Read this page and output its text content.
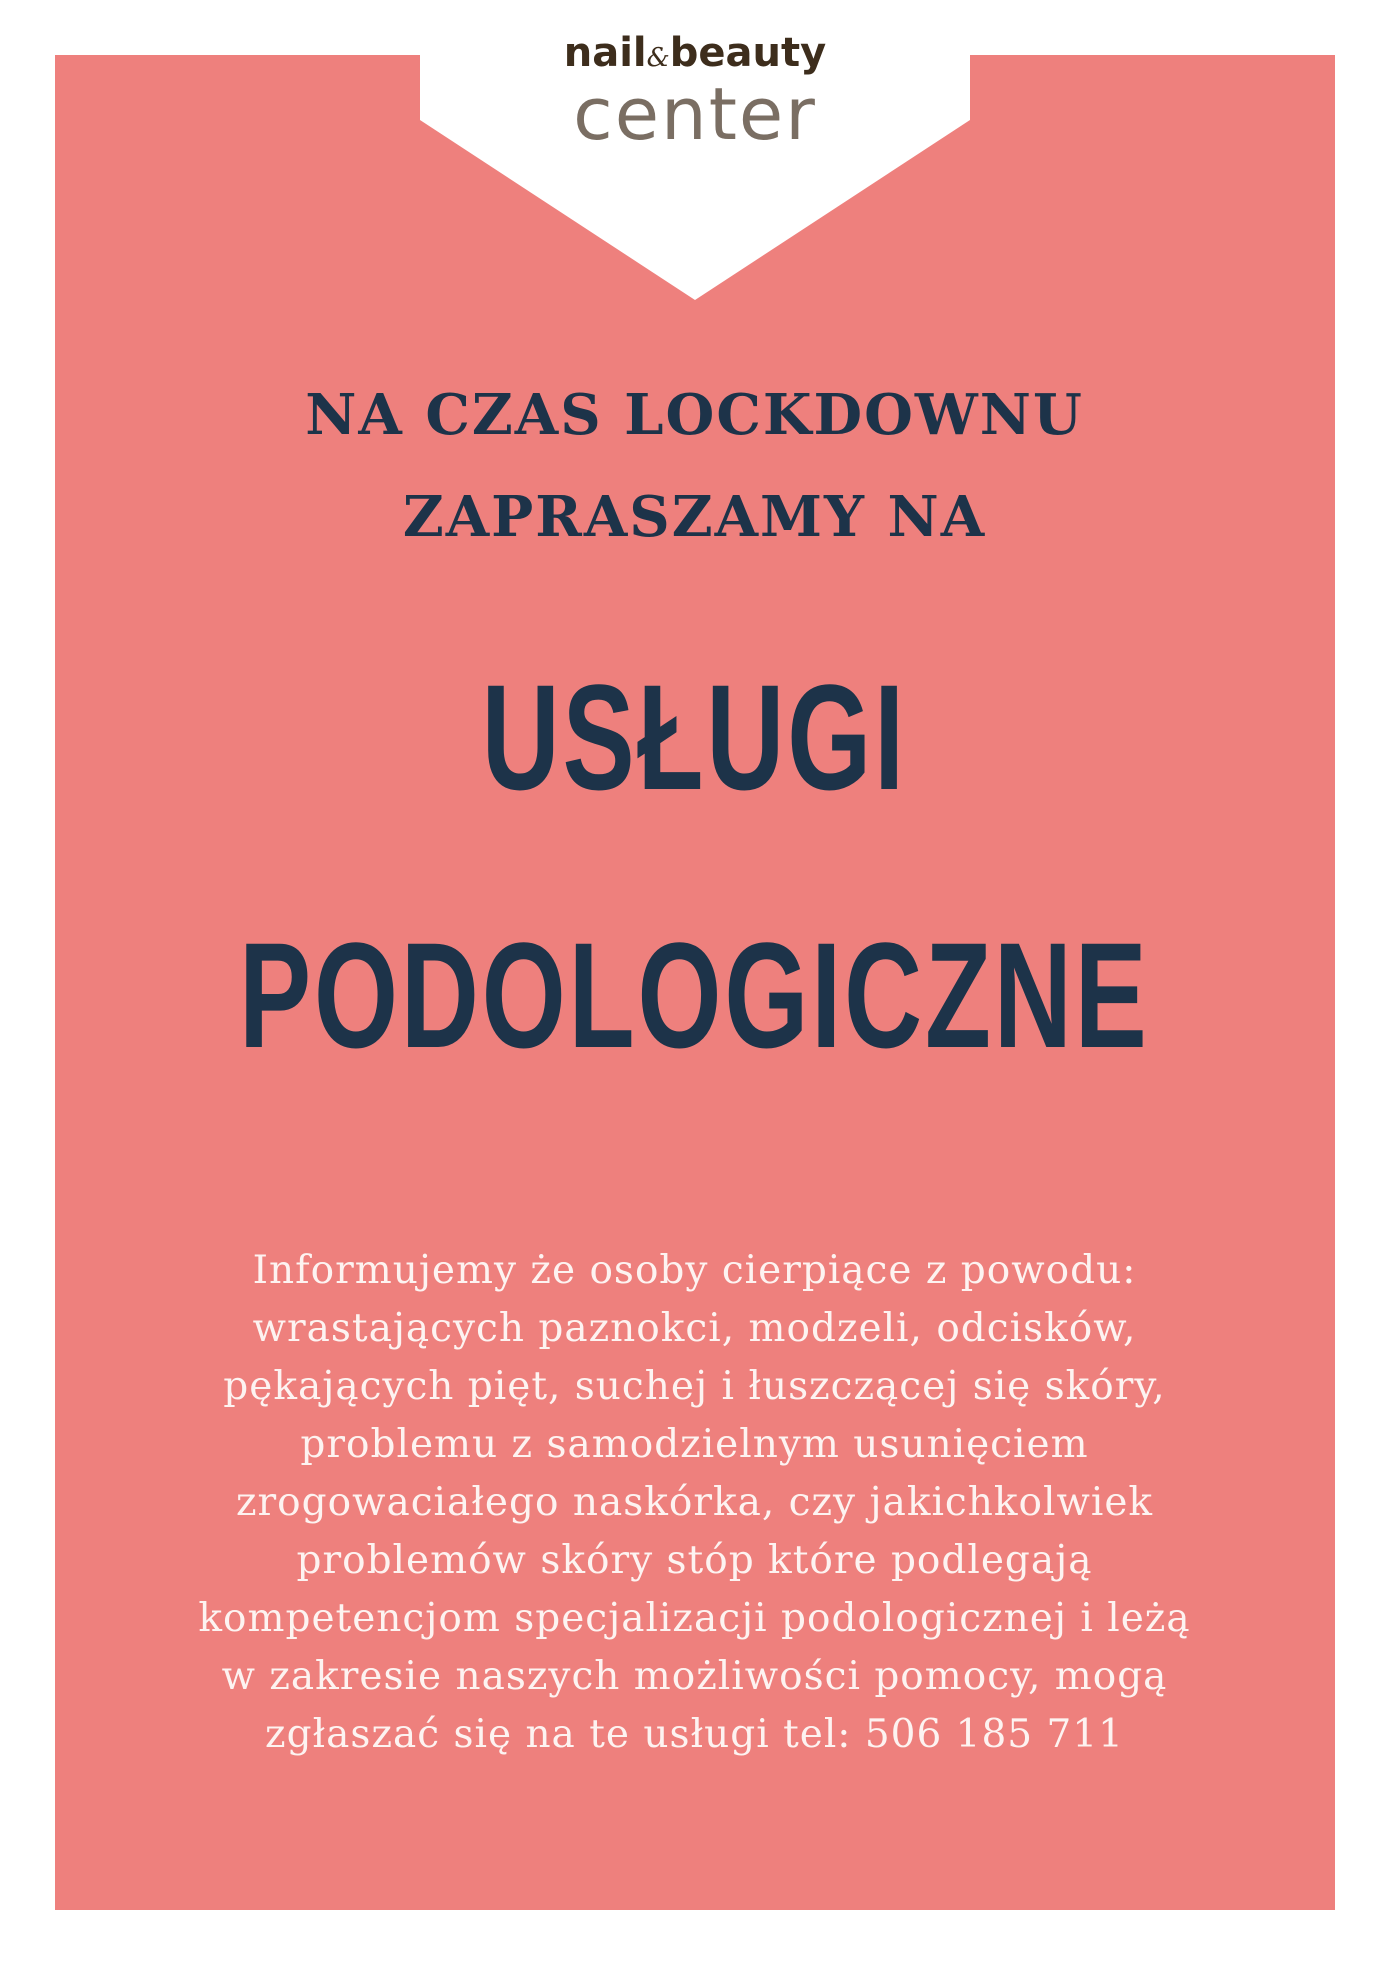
nail&beauty
center
NA CZAS LOCKDOWNU
ZAPRASZAMY NA
USŁUGI
PODOLOGICZNE
Informujemy że osoby cierpiące z powodu:
wrastających paznokci, modzeli, odcisków,
pękających pięt, suchej i łuszczącej się skóry,
problemu z samodzielnym usunięciem
zrogowaciałego naskórka, czy jakichkolwiek
problemów skóry stóp które podlegają
kompetencjom specjalizacji podologicznej i leżą
w zakresie naszych możliwości pomocy, mogą
zgłaszać się na te usługi tel: 506 185 711
